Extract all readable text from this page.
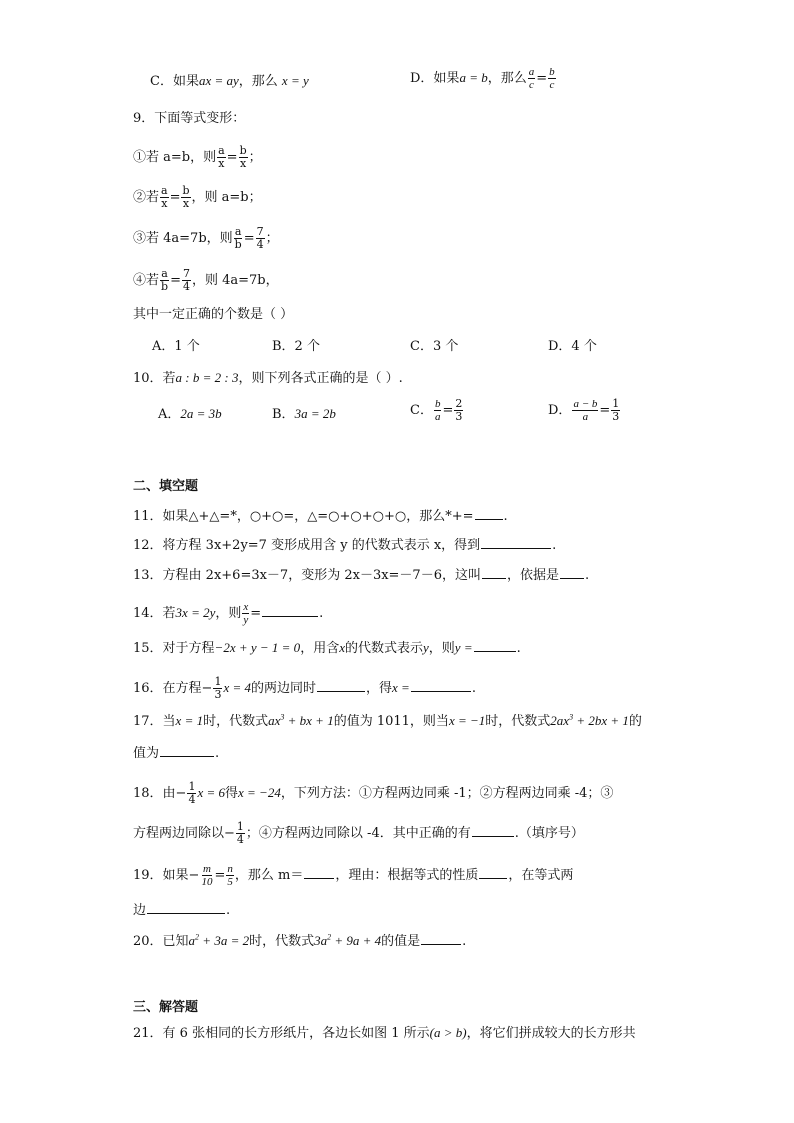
C．如果ax = ay，那么 x = y	D．如果a = b，那么 $\frac{a}{c} = \frac{b}{c}$
9．下面等式变形：
①若 a=b，则 $\frac{a}{x} = \frac{b}{x}$ ；
②若 $\frac{a}{x} = \frac{b}{x}$ ，则 a=b；
③若 4a=7b，则 $\frac{a}{b} = \frac{7}{4}$ ；
④若 $\frac{a}{b} = \frac{7}{4}$ ，则 4a=7b，
其中一定正确的个数是（ ）
A．1 个	B．2 个	C．3 个	D．4 个
10．若a : b = 2 : 3，则下列各式正确的是（ ）.
A．2a = 3b	B．3a = 2b	C． $\frac{b}{a} = \frac{2}{3}$	D． $\frac{a - b}{a} = \frac{1}{3}$
二、填空题
11．如果△+△=*，○+○=，△=○+○+○+○，那么*+= .
12．将方程 3x+2y=7 变形成用含 y 的代数式表示 x，得到	.
13．方程由 2x+6=3x－7，变形为 2x－3x=－7－6，这叫 ，依据是 .
14．若3x = 2y，则 $\frac{x}{y}$ =	.
15．对于方程−2x + y − 1 = 0，用含x的代数式表示y，则y =	.
16．在方程− $\frac{1}{3}$ x = 4的两边同时	，得x =	.
17．当x = 1时，代数式$ax^3$ + bx + 1的值为 1011，则当x = −1时，代数式$2ax^3 + 2bx + 1$的
值为	.
18．由− $\frac{1}{4}$ x = 6得x = −24，下列方法：①方程两边同乘 -1；②方程两边同乘 -4；③
方程两边同除以− $\frac{1}{4}$ ；④方程两边同除以 -4．其中正确的有	.（填序号）
19．如果− $\frac{m}{10} = \frac{n}{5}$ ，那么 m＝ ，理由：根据等式的性质 ，在等式两
边	.
20．已知$a^2 + 3a = 2$时，代数式$3a^2 + 9a + 4$的值是	.
三、解答题
21．有 6 张相同的长方形纸片，各边长如图 1 所示(a > b)，将它们拼成较大的长方形共
